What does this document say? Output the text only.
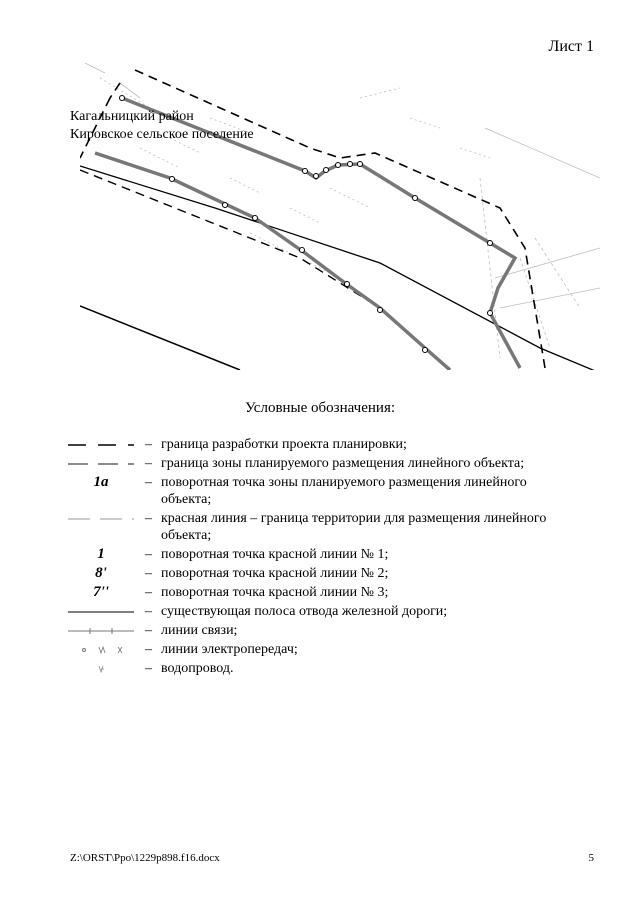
Лист 1
Кагальницкий район
Кировское сельское поселение
Условные обозначения:
– граница разработки проекта планировки;
– граница зоны планируемого размещения линейного объекта;
1а	– поворотная точка зоны планируемого размещения линейного объекта;
– красная линия – граница территории для размещения линейного объекта;
1	– поворотная точка красной линии № 1;
8'	– поворотная точка красной линии № 2;
7''	– поворотная точка красной линии № 3;
– существующая полоса отвода железной дороги;
– линии связи;
– линии электропередач;
– водопровод.
Z:\ORST\Ppo\1229p898.f16.docx	5
